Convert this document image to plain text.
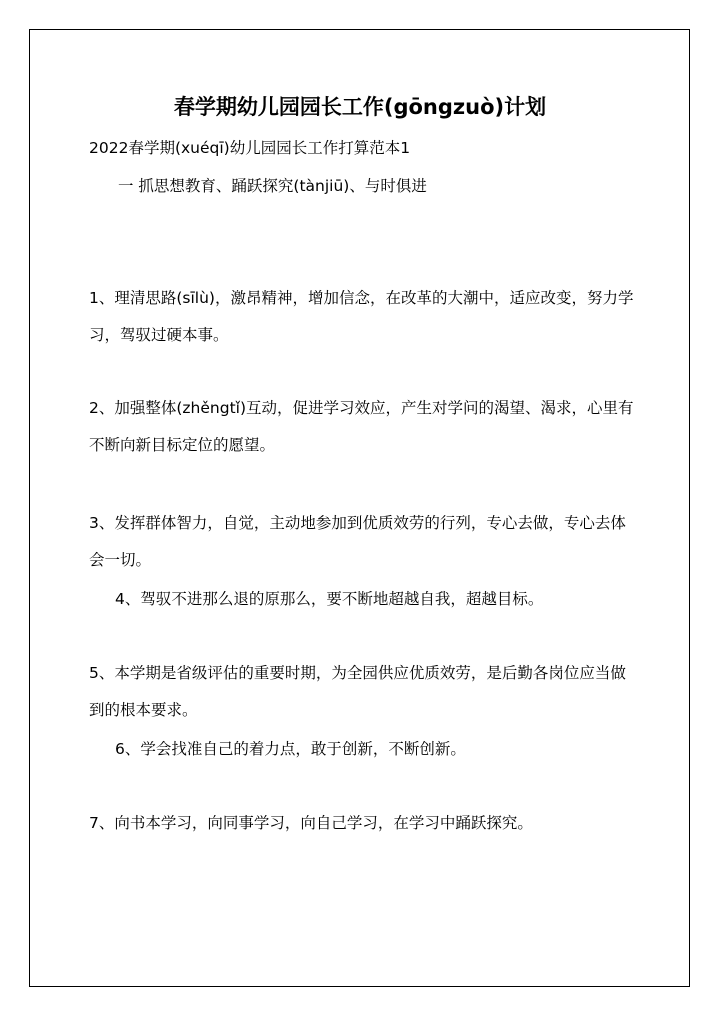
春学期幼儿园园长工作(gōngzuò)计划
2022春学期(xuéqī)幼儿园园长工作打算范本1
一 抓思想教育、踊跃探究(tànjiū)、与时俱进

1、理清思路(sīlù)，激昂精神，增加信念，在改革的大潮中，适应改变，努力学习，驾驭过硬本事。

2、加强整体(zhěngtǐ)互动，促进学习效应，产生对学问的渴望、渴求，心里有不断向新目标定位的愿望。

3、发挥群体智力，自觉，主动地参加到优质效劳的行列，专心去做，专心去体会一切。

4、驾驭不进那么退的原那么，要不断地超越自我，超越目标。

5、本学期是省级评估的重要时期，为全园供应优质效劳，是后勤各岗位应当做到的根本要求。

6、学会找准自己的着力点，敢于创新，不断创新。

7、向书本学习，向同事学习，向自己学习，在学习中踊跃探究。
